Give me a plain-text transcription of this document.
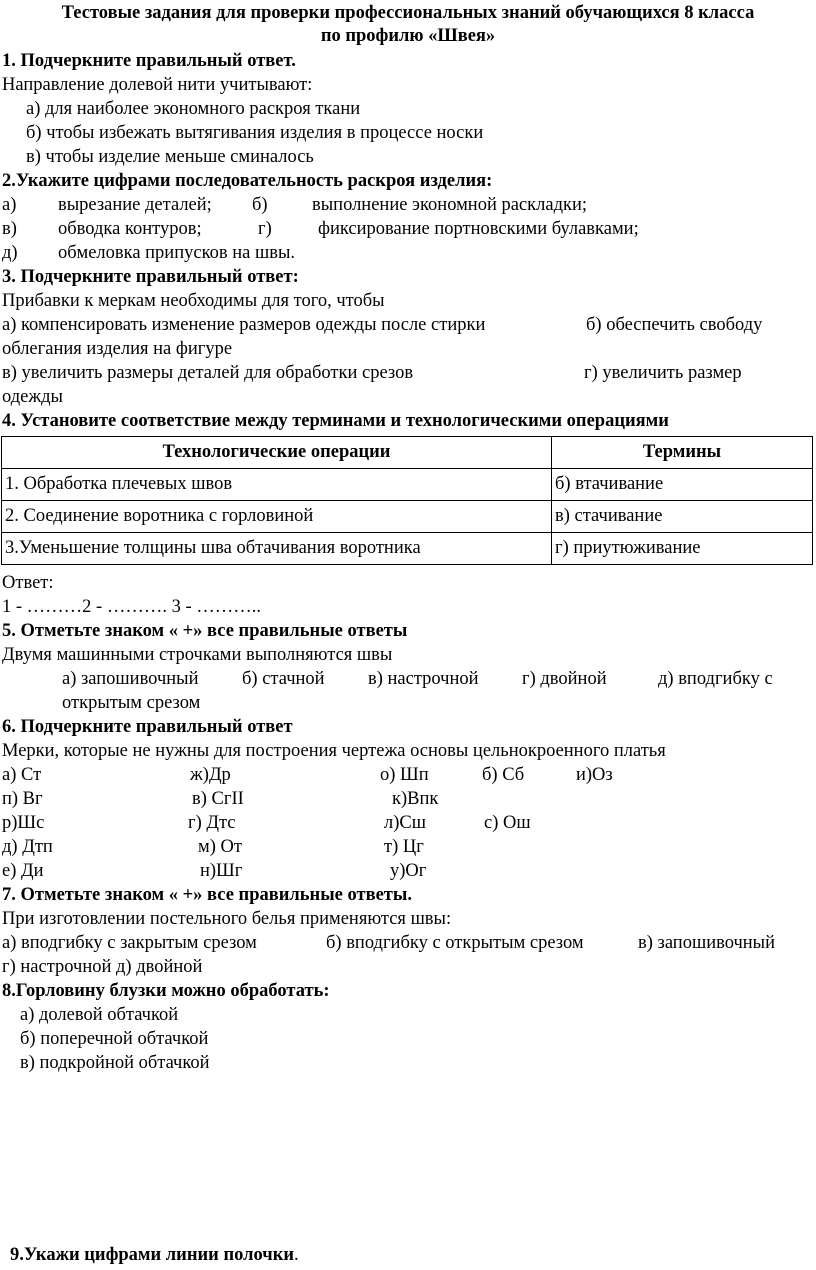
Тестовые задания для проверки профессиональных знаний обучающихся 8 класса
по профилю «Швея»
1. Подчеркните правильный ответ.
Направление долевой нити учитывают:
а) для наиболее экономного раскроя ткани
б) чтобы избежать вытягивания изделия в процессе носки
в) чтобы изделие меньше сминалось
2.Укажите цифрами последовательность раскроя изделия:
а) вырезание деталей; б) выполнение экономной раскладки;
в) обводка контуров;	г)	фиксирование портновскими булавками;
д) обмеловка припусков на швы.
3. Подчеркните правильный ответ:
Прибавки к меркам необходимы для того, чтобы
а) компенсировать изменение размеров одежды после стирки	б) обеспечить свободу
облегания изделия на фигуре
в) увеличить размеры деталей для обработки срезов	г) увеличить размер
одежды
4. Установите соответствие между терминами и технологическими операциями
Технологические операции	Термины
1. Обработка плечевых швов	б) втачивание
2. Соединение воротника с горловиной	в) стачивание
3.Уменьшение толщины шва обтачивания воротника	г) приутюживание
Ответ:
1 - ………2 - ………. 3 - ………..
5. Отметьте знаком « +» все правильные ответы
Двумя машинными строчками выполняются швы
а) запошивочный б) стачной в) настрочной г) двойной	д) вподгибку с
открытым срезом
6. Подчеркните правильный ответ
Мерки, которые не нужны для построения чертежа основы цельнокроенного платья
а) Ст	ж)Др	о) Шп	б) Сб	и)Оз
п) Вг	в) СгII	к)Впк
р)Шс	г) Дтс	л)Сш	с) Ош
д) Дтп	м) От	т) Цг
е) Ди	н)Шг	у)Ог
7. Отметьте знаком « +» все правильные ответы.
При изготовлении постельного белья применяются швы:
а) вподгибку с закрытым срезом	б) вподгибку с открытым срезом	в) запошивочный
г) настрочной д) двойной
8.Горловину блузки можно обработать:
а) долевой обтачкой
б) поперечной обтачкой
в) подкройной обтачкой
9.Укажи цифрами линии полочки.
